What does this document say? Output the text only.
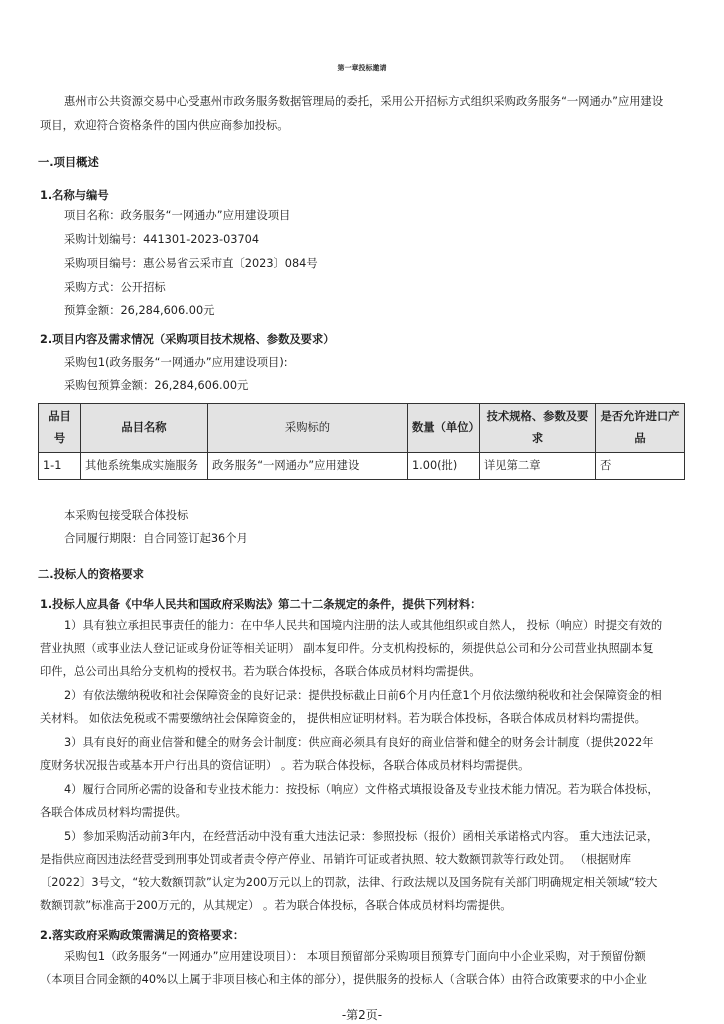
第一章投标邀请
惠州市公共资源交易中心受惠州市政务服务数据管理局的委托，采用公开招标方式组织采购政务服务“一网通办”应用建设
项目，欢迎符合资格条件的国内供应商参加投标。
一.项目概述
1.名称与编号
项目名称：政务服务“一网通办”应用建设项目
采购计划编号：441301-2023-03704
采购项目编号：惠公易省云采市直〔2023〕084号
采购方式：公开招标
预算金额：26,284,606.00元
2.项目内容及需求情况（采购项目技术规格、参数及要求）
采购包1(政务服务“一网通办”应用建设项目):
采购包预算金额：26,284,606.00元
品目号	品目名称	采购标的	数量（单位）	技术规格、参数及要求	是否允许进口产品
1-1	其他系统集成实施服务	政务服务“一网通办”应用建设	1.00(批)	详见第二章	否
本采购包接受联合体投标
合同履行期限：自合同签订起36个月
二.投标人的资格要求
1.投标人应具备《中华人民共和国政府采购法》第二十二条规定的条件，提供下列材料：
1）具有独立承担民事责任的能力：在中华人民共和国境内注册的法人或其他组织或自然人， 投标（响应）时提交有效的
营业执照（或事业法人登记证或身份证等相关证明） 副本复印件。分支机构投标的，须提供总公司和分公司营业执照副本复
印件，总公司出具给分支机构的授权书。若为联合体投标，各联合体成员材料均需提供。
2）有依法缴纳税收和社会保障资金的良好记录：提供投标截止日前6个月内任意1个月依法缴纳税收和社会保障资金的相
关材料。 如依法免税或不需要缴纳社会保障资金的， 提供相应证明材料。若为联合体投标，各联合体成员材料均需提供。
3）具有良好的商业信誉和健全的财务会计制度：供应商必须具有良好的商业信誉和健全的财务会计制度（提供2022年
度财务状况报告或基本开户行出具的资信证明） 。若为联合体投标，各联合体成员材料均需提供。
4）履行合同所必需的设备和专业技术能力：按投标（响应）文件格式填报设备及专业技术能力情况。若为联合体投标，
各联合体成员材料均需提供。
5）参加采购活动前3年内，在经营活动中没有重大违法记录：参照投标（报价）函相关承诺格式内容。 重大违法记录，
是指供应商因违法经营受到刑事处罚或者责令停产停业、吊销许可证或者执照、较大数额罚款等行政处罚。 （根据财库
〔2022〕3号文，“较大数额罚款”认定为200万元以上的罚款，法律、行政法规以及国务院有关部门明确规定相关领域“较大
数额罚款”标准高于200万元的，从其规定） 。若为联合体投标，各联合体成员材料均需提供。
2.落实政府采购政策需满足的资格要求：
采购包1（政务服务“一网通办”应用建设项目）： 本项目预留部分采购项目预算专门面向中小企业采购，对于预留份额
（本项目合同金额的40%以上属于非项目核心和主体的部分），提供服务的投标人（含联合体）由符合政策要求的中小企业
-第2页-
